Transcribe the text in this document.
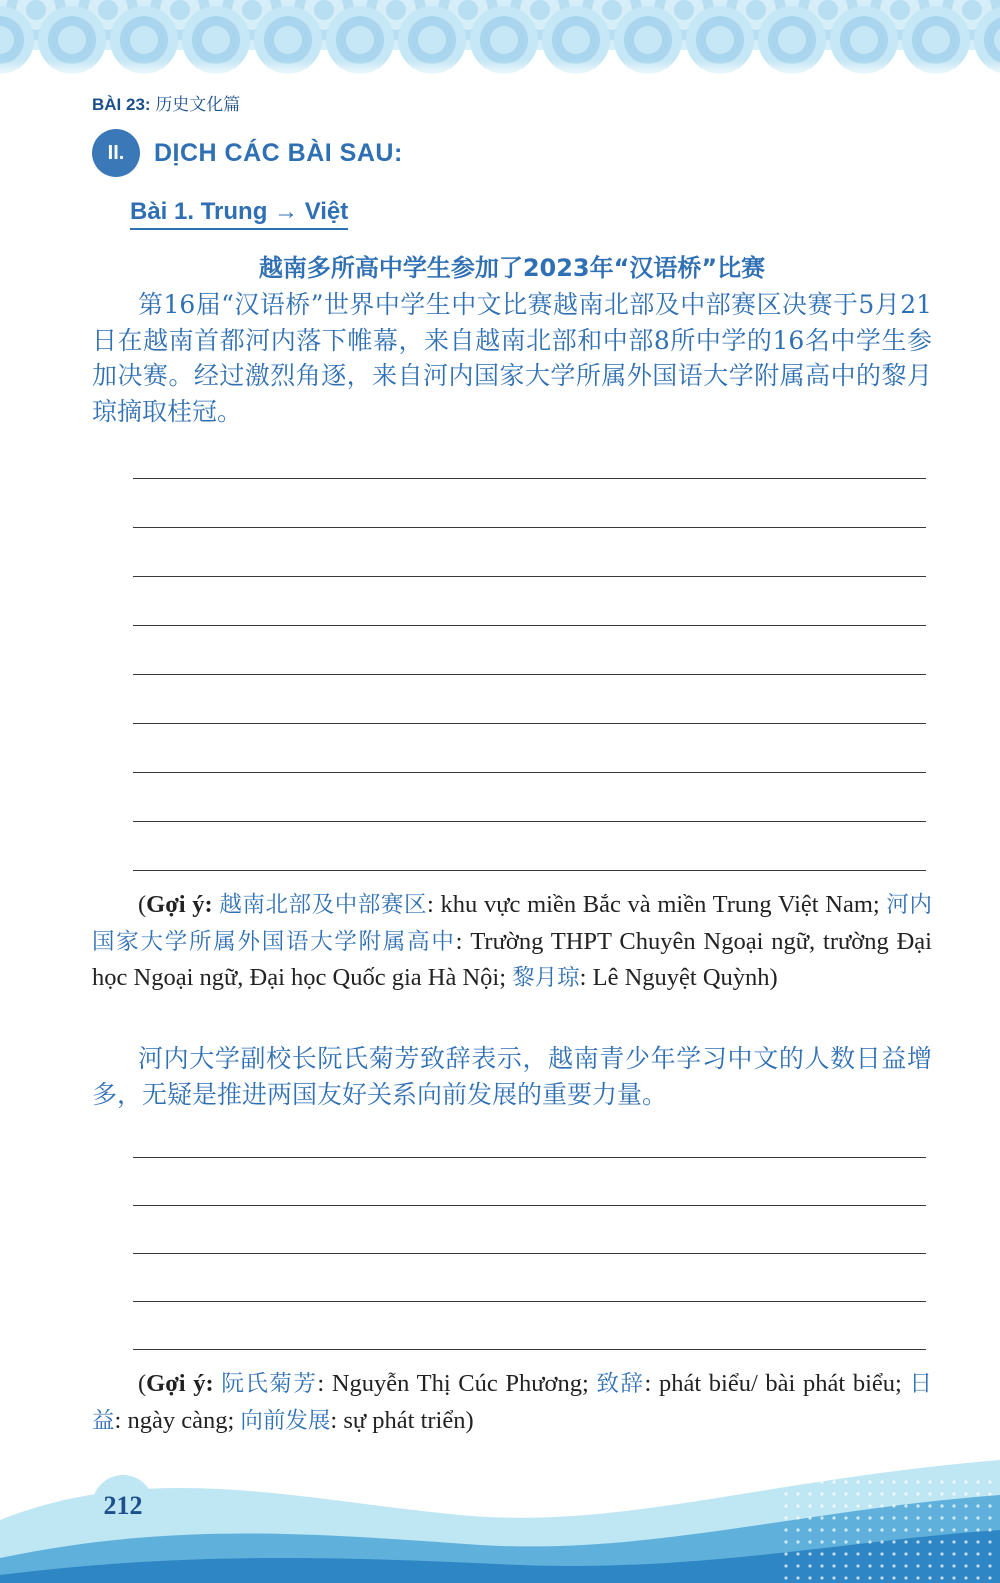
BÀI 23: 历史文化篇
II.	DỊCH CÁC BÀI SAU:
Bài 1. Trung → Việt
越南多所高中学生参加了2023年“汉语桥”比赛

第16届“汉语桥”世界中学生中文比赛越南北部及中部赛区决赛于5月21日在越南首都河内落下帷幕，来自越南北部和中部8所中学的16名中学生参加决赛。经过激烈角逐，来自河内国家大学所属外国语大学附属高中的黎月琼摘取桂冠。

(Gợi ý: 越南北部及中部赛区: khu vực miền Bắc và miền Trung Việt Nam; 河内国家大学所属外国语大学附属高中: Trường THPT Chuyên Ngoại ngữ, trường Đại học Ngoại ngữ, Đại học Quốc gia Hà Nội; 黎月琼: Lê Nguyệt Quỳnh)

河内大学副校长阮氏菊芳致辞表示，越南青少年学习中文的人数日益增多，无疑是推进两国友好关系向前发展的重要力量。

(Gợi ý: 阮氏菊芳: Nguyễn Thị Cúc Phương; 致辞: phát biểu/ bài phát biểu; 日益: ngày càng; 向前发展: sự phát triển)

212
